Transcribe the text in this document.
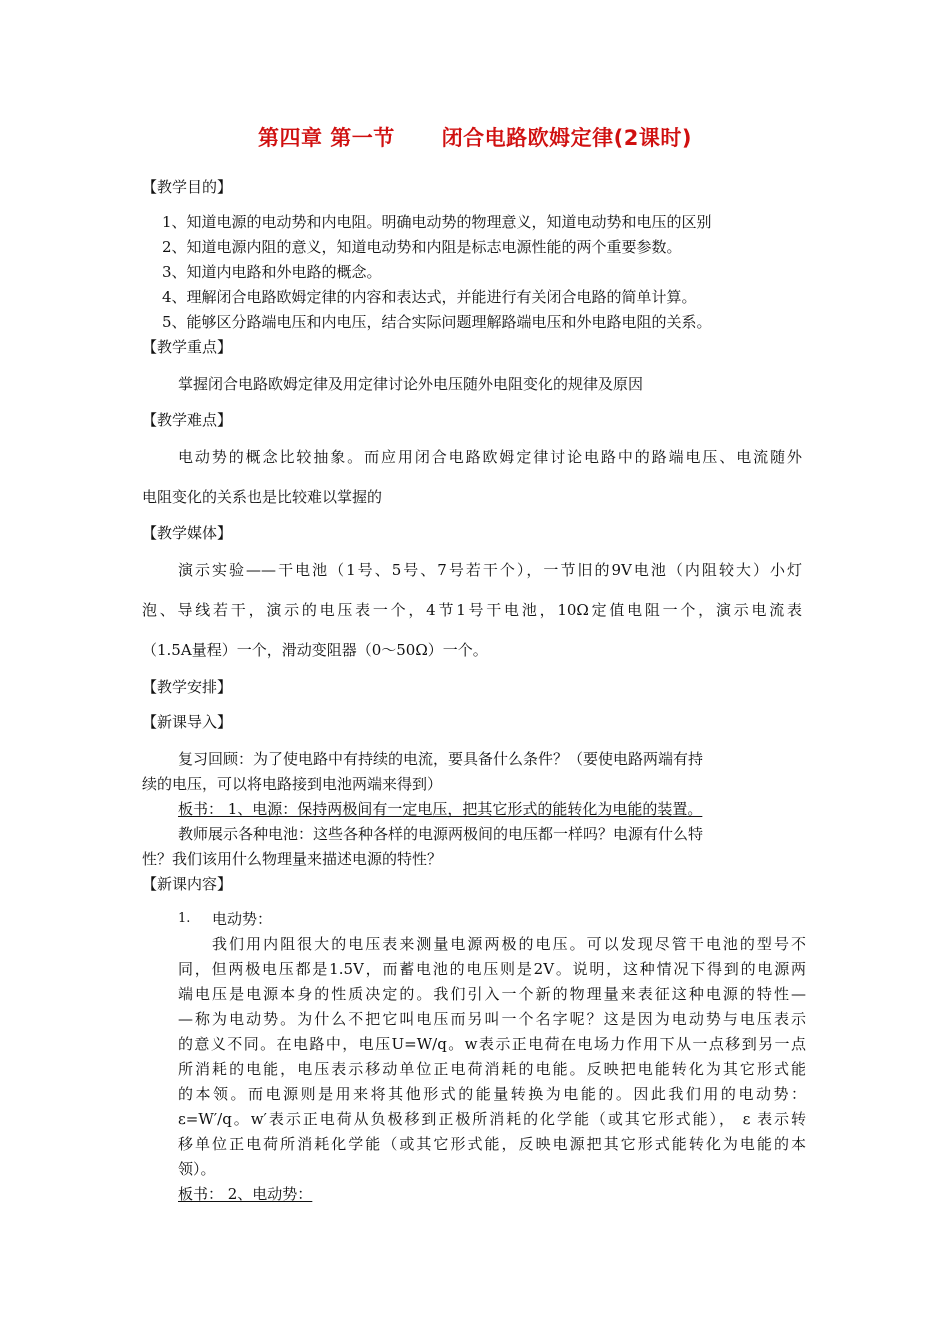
第四章 第一节      闭合电路欧姆定律(2课时)
【教学目的】
1、知道电源的电动势和内电阻。明确电动势的物理意义，知道电动势和电压的区别
2、知道电源内阻的意义，知道电动势和内阻是标志电源性能的两个重要参数。
3、知道内电路和外电路的概念。
4、理解闭合电路欧姆定律的内容和表达式，并能进行有关闭合电路的简单计算。
5、能够区分路端电压和内电压，结合实际问题理解路端电压和外电路电阻的关系。
【教学重点】
掌握闭合电路欧姆定律及用定律讨论外电压随外电阻变化的规律及原因
【教学难点】
电动势的概念比较抽象。而应用闭合电路欧姆定律讨论电路中的路端电压、电流随外
电阻变化的关系也是比较难以掌握的
【教学媒体】
演示实验——干电池（1号、5号、7号若干个），一节旧的9V电池（内阻较大）小灯
泡、导线若干，演示的电压表一个，4节1号干电池，10Ω定值电阻一个，演示电流表
（1.5A量程）一个，滑动变阻器（0～50Ω）一个。
【教学安排】
【新课导入】
复习回顾：为了使电路中有持续的电流，要具备什么条件？（要使电路两端有持
续的电压，可以将电路接到电池两端来得到）
板书： 1、电源：保持两极间有一定电压，把其它形式的能转化为电能的装置。
教师展示各种电池：这些各种各样的电源两极间的电压都一样吗？电源有什么特
性？我们该用什么物理量来描述电源的特性？
【新课内容】
1. 电动势：
我们用内阻很大的电压表来测量电源两极的电压。可以发现尽管干电池的型号不
同，但两极电压都是1.5V，而蓄电池的电压则是2V。说明，这种情况下得到的电源两
端电压是电源本身的性质决定的。我们引入一个新的物理量来表征这种电源的特性—
—称为电动势。为什么不把它叫电压而另叫一个名字呢？这是因为电动势与电压表示
的意义不同。在电路中，电压U=W/q。w表示正电荷在电场力作用下从一点移到另一点
所消耗的电能，电压表示移动单位正电荷消耗的电能。反映把电能转化为其它形式能
的本领。而电源则是用来将其他形式的能量转换为电能的。因此我们用的电动势：
ε=W′/q。w′表示正电荷从负极移到正极所消耗的化学能（或其它形式能）， ε 表示转
移单位正电荷所消耗化学能（或其它形式能，反映电源把其它形式能转化为电能的本
领）。
板书： 2、电动势：
